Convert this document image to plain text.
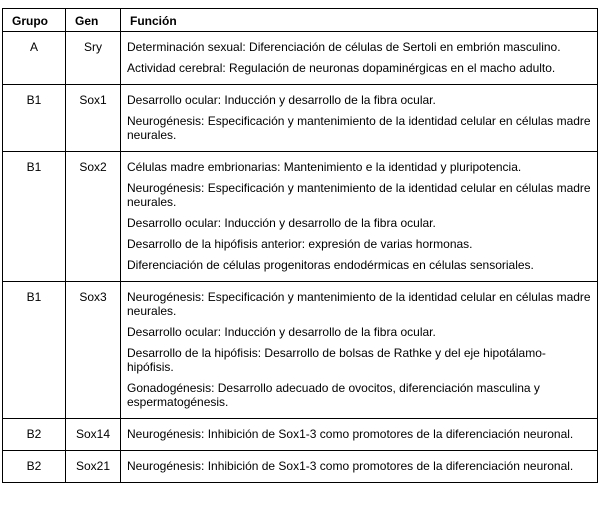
Grupo	Gen	Función
A	Sry	Determinación sexual: Diferenciación de células de Sertoli en embrión masculino.
Actividad cerebral: Regulación de neuronas dopaminérgicas en el macho adulto.

B1	Sox1	Desarrollo ocular: Inducción y desarrollo de la fibra ocular.
Neurogénesis: Especificación y mantenimiento de la identidad celular en células madre neurales.

B1	Sox2	Células madre embrionarias: Mantenimiento e la identidad y pluripotencia.
Neurogénesis: Especificación y mantenimiento de la identidad celular en células madre neurales.
Desarrollo ocular: Inducción y desarrollo de la fibra ocular.
Desarrollo de la hipófisis anterior: expresión de varias hormonas.
Diferenciación de células progenitoras endodérmicas en células sensoriales.

B1	Sox3	Neurogénesis: Especificación y mantenimiento de la identidad celular en células madre neurales.
Desarrollo ocular: Inducción y desarrollo de la fibra ocular.
Desarrollo de la hipófisis: Desarrollo de bolsas de Rathke y del eje hipotálamo-hipófisis.
Gonadogénesis: Desarrollo adecuado de ovocitos, diferenciación masculina y espermatogénesis.

B2	Sox14	Neurogénesis: Inhibición de Sox1-3 como promotores de la diferenciación neuronal.

B2	Sox21	Neurogénesis: Inhibición de Sox1-3 como promotores de la diferenciación neuronal.
